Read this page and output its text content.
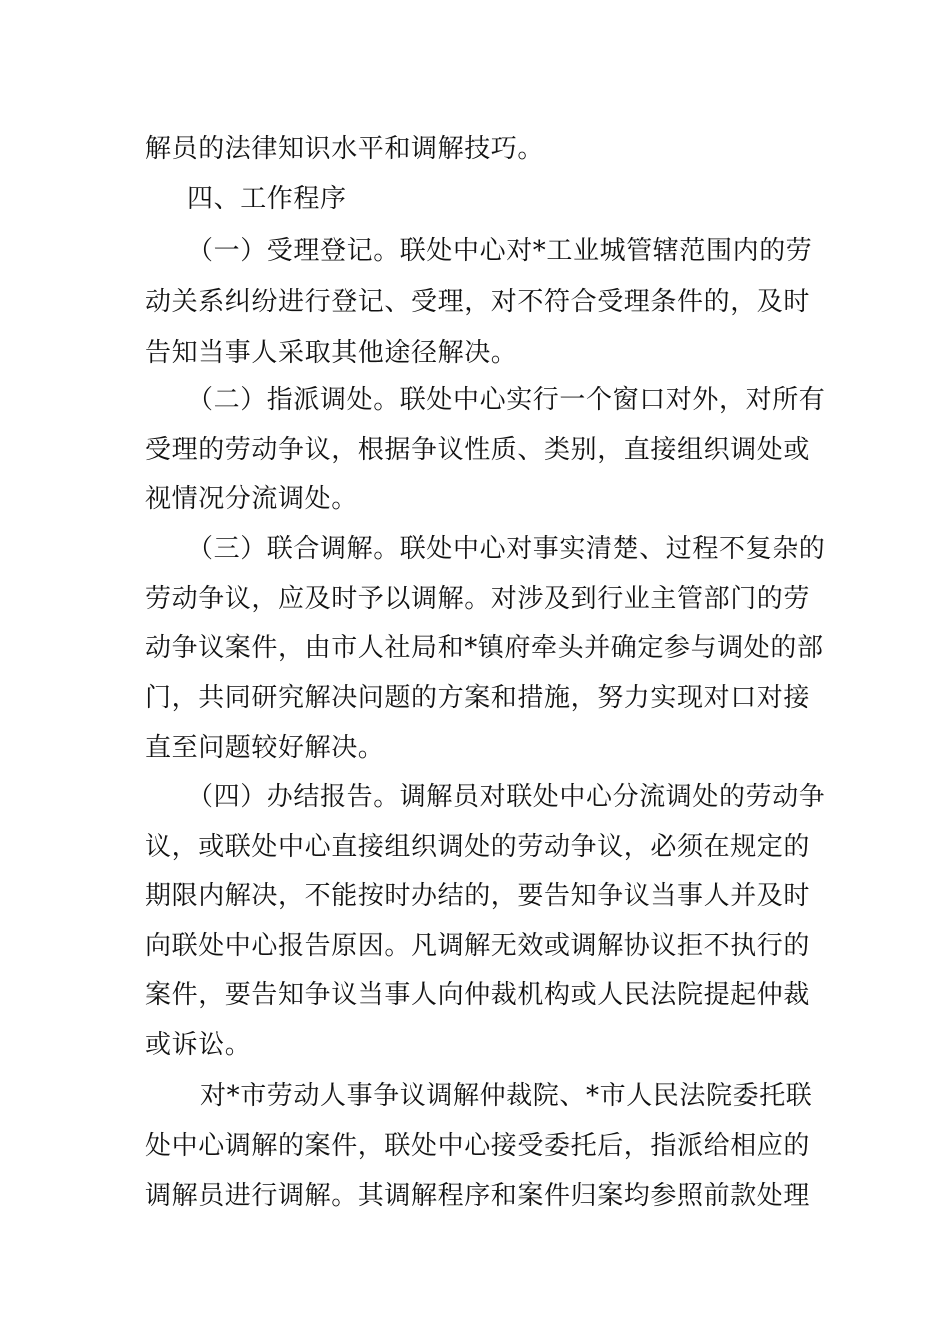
解员的法律知识水平和调解技巧。
四、工作程序
（一）受理登记。联处中心对*工业城管辖范围内的劳
动关系纠纷进行登记、受理，对不符合受理条件的，及时
告知当事人采取其他途径解决。
（二）指派调处。联处中心实行一个窗口对外，对所有
受理的劳动争议，根据争议性质、类别，直接组织调处或
视情况分流调处。
（三）联合调解。联处中心对事实清楚、过程不复杂的
劳动争议，应及时予以调解。对涉及到行业主管部门的劳
动争议案件，由市人社局和*镇府牵头并确定参与调处的部
门，共同研究解决问题的方案和措施，努力实现对口对接
直至问题较好解决。
（四）办结报告。调解员对联处中心分流调处的劳动争
议，或联处中心直接组织调处的劳动争议，必须在规定的
期限内解决，不能按时办结的，要告知争议当事人并及时
向联处中心报告原因。凡调解无效或调解协议拒不执行的
案件，要告知争议当事人向仲裁机构或人民法院提起仲裁
或诉讼。
对*市劳动人事争议调解仲裁院、*市人民法院委托联
处中心调解的案件，联处中心接受委托后，指派给相应的
调解员进行调解。其调解程序和案件归案均参照前款处理
